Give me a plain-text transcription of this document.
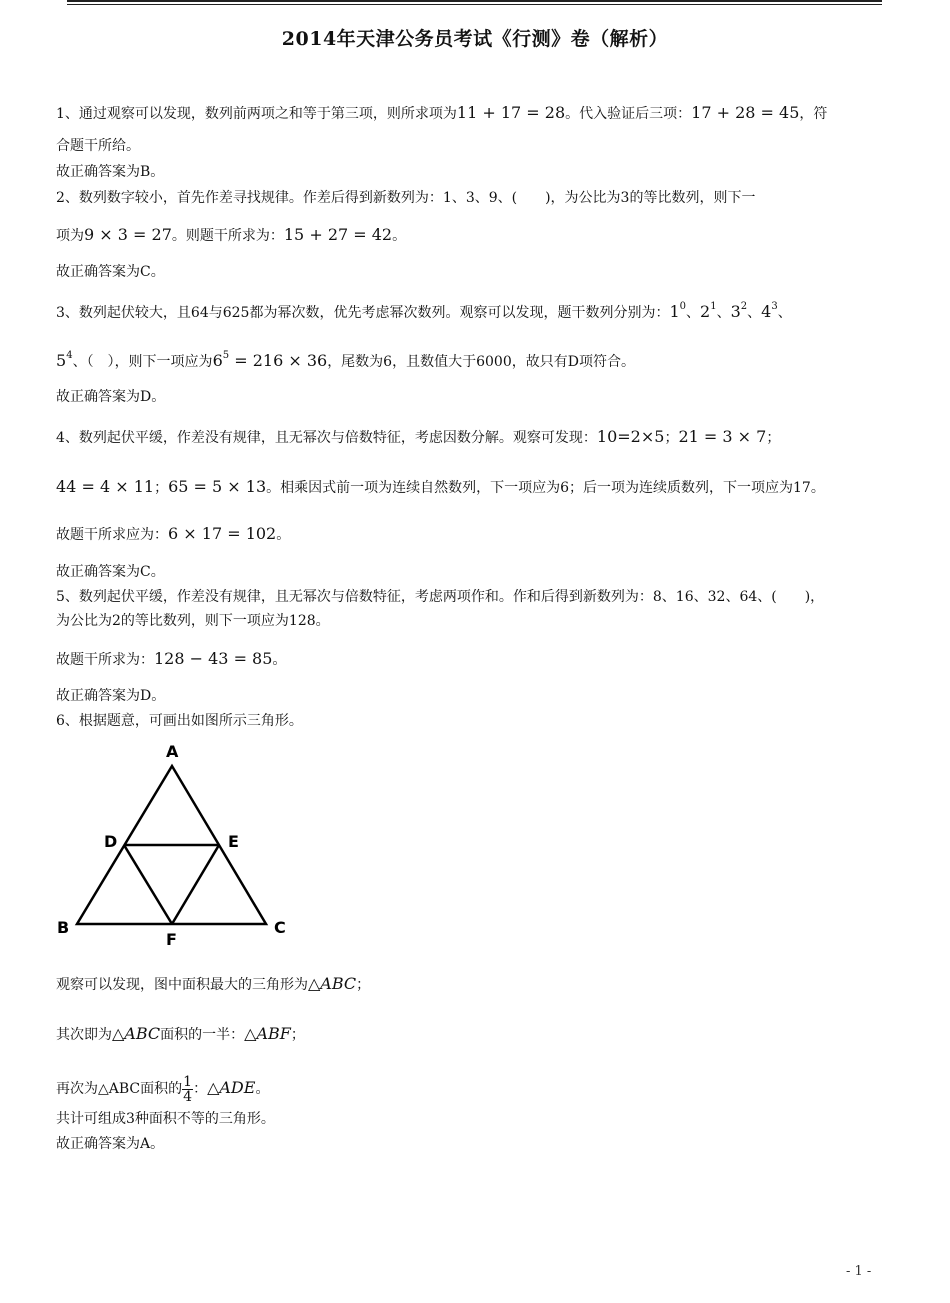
2014年天津公务员考试《行测》卷（解析）
1、通过观察可以发现，数列前两项之和等于第三项，则所求项为11 + 17 = 28。代入验证后三项：17 + 28 = 45，符
合题干所给。
故正确答案为B。
2、数列数字较小，首先作差寻找规律。作差后得到新数列为：1、3、9、(　　)，为公比为3的等比数列，则下一
项为9 × 3 = 27。则题干所求为：15 + 27 = 42。
故正确答案为C。
3、数列起伏较大，且64与625都为幂次数，优先考虑幂次数列。观察可以发现，题干数列分别为：$1^0$、$2^1$、$3^2$、$4^3$、
$5^4$、（　），则下一项应为$6^5 = 216 \times 36$，尾数为6，且数值大于6000，故只有D项符合。
故正确答案为D。
4、数列起伏平缓，作差没有规律，且无幂次与倍数特征，考虑因数分解。观察可发现：10=2×5；21 = 3 × 7；
44 = 4 × 11；65 = 5 × 13。相乘因式前一项为连续自然数列，下一项应为6；后一项为连续质数列，下一项应为17。
故题干所求应为：6 × 17 = 102。
故正确答案为C。
5、数列起伏平缓，作差没有规律，且无幂次与倍数特征，考虑两项作和。作和后得到新数列为：8、16、32、64、(　　)，
为公比为2的等比数列，则下一项应为128。
故题干所求为：128 − 43 = 85。
故正确答案为D。
6、根据题意，可画出如图所示三角形。
A
D	E
B	C
F
观察可以发现，图中面积最大的三角形为△ABC；
其次即为△ABC面积的一半：△ABF；
再次为△ABC面积的 $\frac{1}{4}$ ：△ADE。
共计可组成3种面积不等的三角形。
故正确答案为A。
- 1 -
